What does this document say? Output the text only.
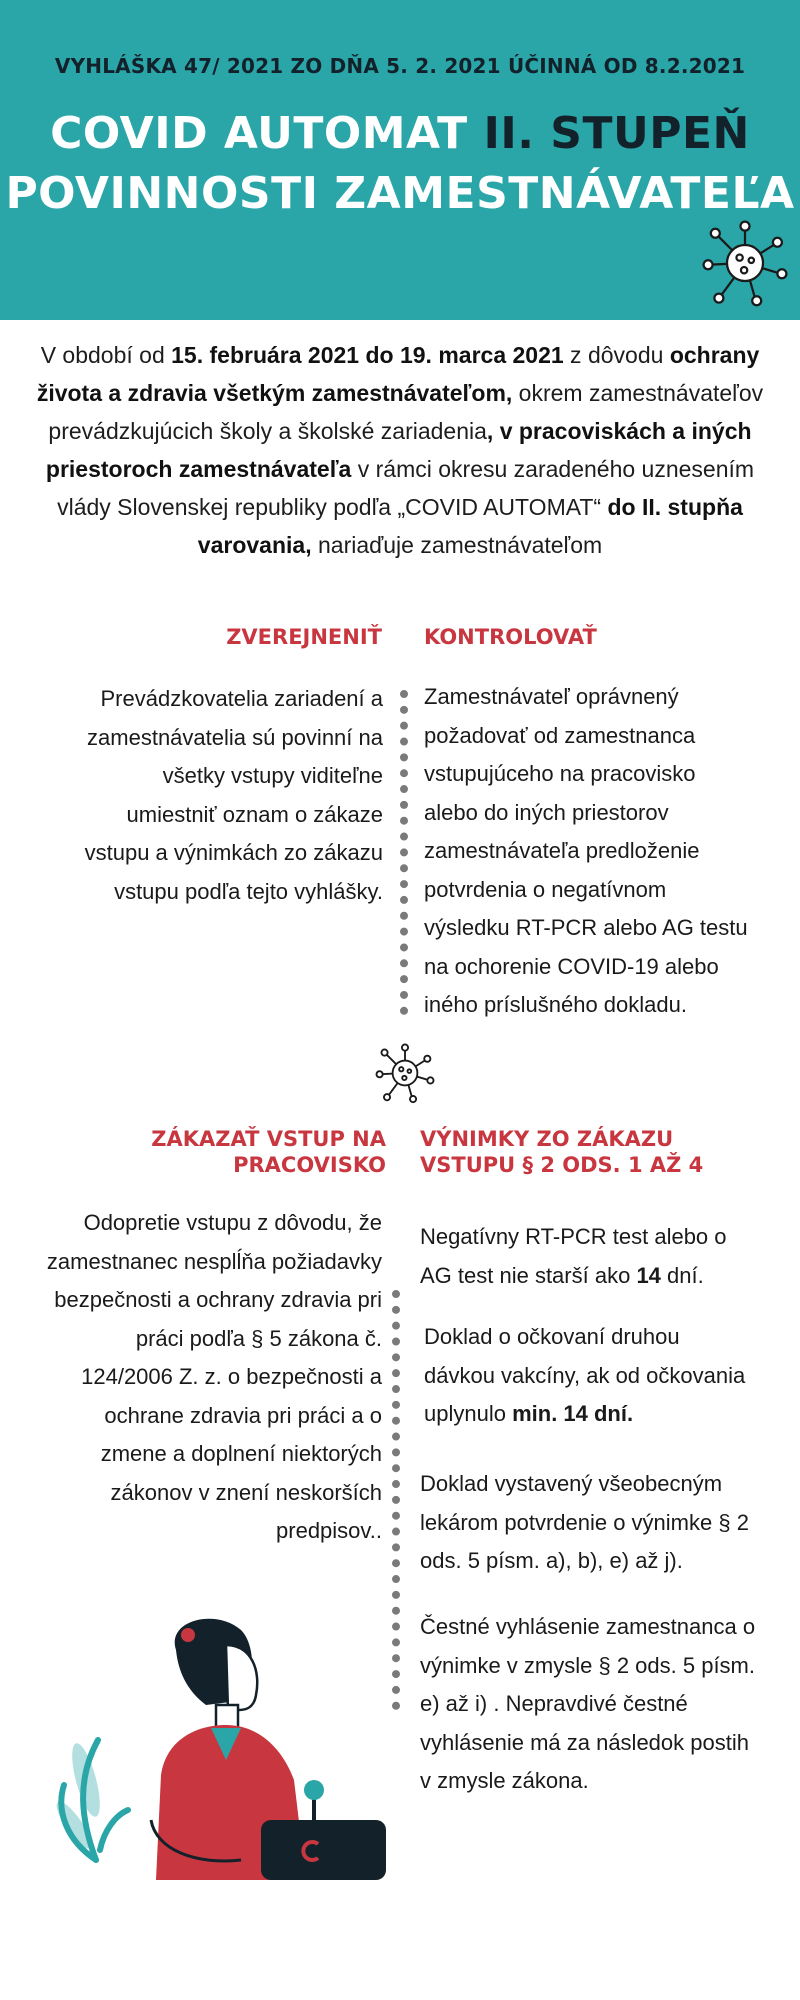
VYHLÁŠKA 47/ 2021 ZO DŇA 5. 2. 2021 ÚČINNÁ OD 8.2.2021
COVID AUTOMAT II. STUPEŇ
POVINNOSTI ZAMESTNÁVATEĽA

V období od 15. februára 2021 do 19. marca 2021 z dôvodu ochrany života a zdravia všetkým zamestnávateľom, okrem zamestnávateľov prevádzkujúcich školy a školské zariadenia, v pracoviskách a iných priestoroch zamestnávateľa v rámci okresu zaradeného uznesením vlády Slovenskej republiky podľa „COVID AUTOMAT“ do II. stupňa varovania, nariaďuje zamestnávateľom

ZVEREJNENIŤ KONTROLOVAŤ
Prevádzkovatelia zariadení a zamestnávatelia sú povinní na všetky vstupy viditeľne umiestniť oznam o zákaze vstupu a výnimkách zo zákazu vstupu podľa tejto vyhlášky.
Zamestnávateľ oprávnený požadovať od zamestnanca vstupujúceho na pracovisko alebo do iných priestorov zamestnávateľa predloženie potvrdenia o negatívnom výsledku RT-PCR alebo AG testu na ochorenie COVID-19 alebo iného príslušného dokladu.
ZÁKAZAŤ VSTUP NA
PRACOVISKO
VÝNIMKY ZO ZÁKAZU
VSTUPU § 2 ODS. 1 AŽ 4
Odopretie vstupu z dôvodu, že zamestnanec nesplĺňa požiadavky bezpečnosti a ochrany zdravia pri práci podľa § 5 zákona č. 124/2006 Z. z. o bezpečnosti a ochrane zdravia pri práci a o zmene a doplnení niektorých zákonov v znení neskorších predpisov..
Negatívny RT-PCR test alebo o AG test nie starší ako 14 dní.
Doklad o očkovaní druhou dávkou vakcíny, ak od očkovania uplynulo min. 14 dní.
Doklad vystavený všeobecným lekárom potvrdenie o výnimke § 2 ods. 5 písm. a), b), e) až j).
Čestné vyhlásenie zamestnanca o výnimke v zmysle § 2 ods. 5 písm. e) až i) . Nepravdivé čestné vyhlásenie má za následok postih v zmysle zákona.
